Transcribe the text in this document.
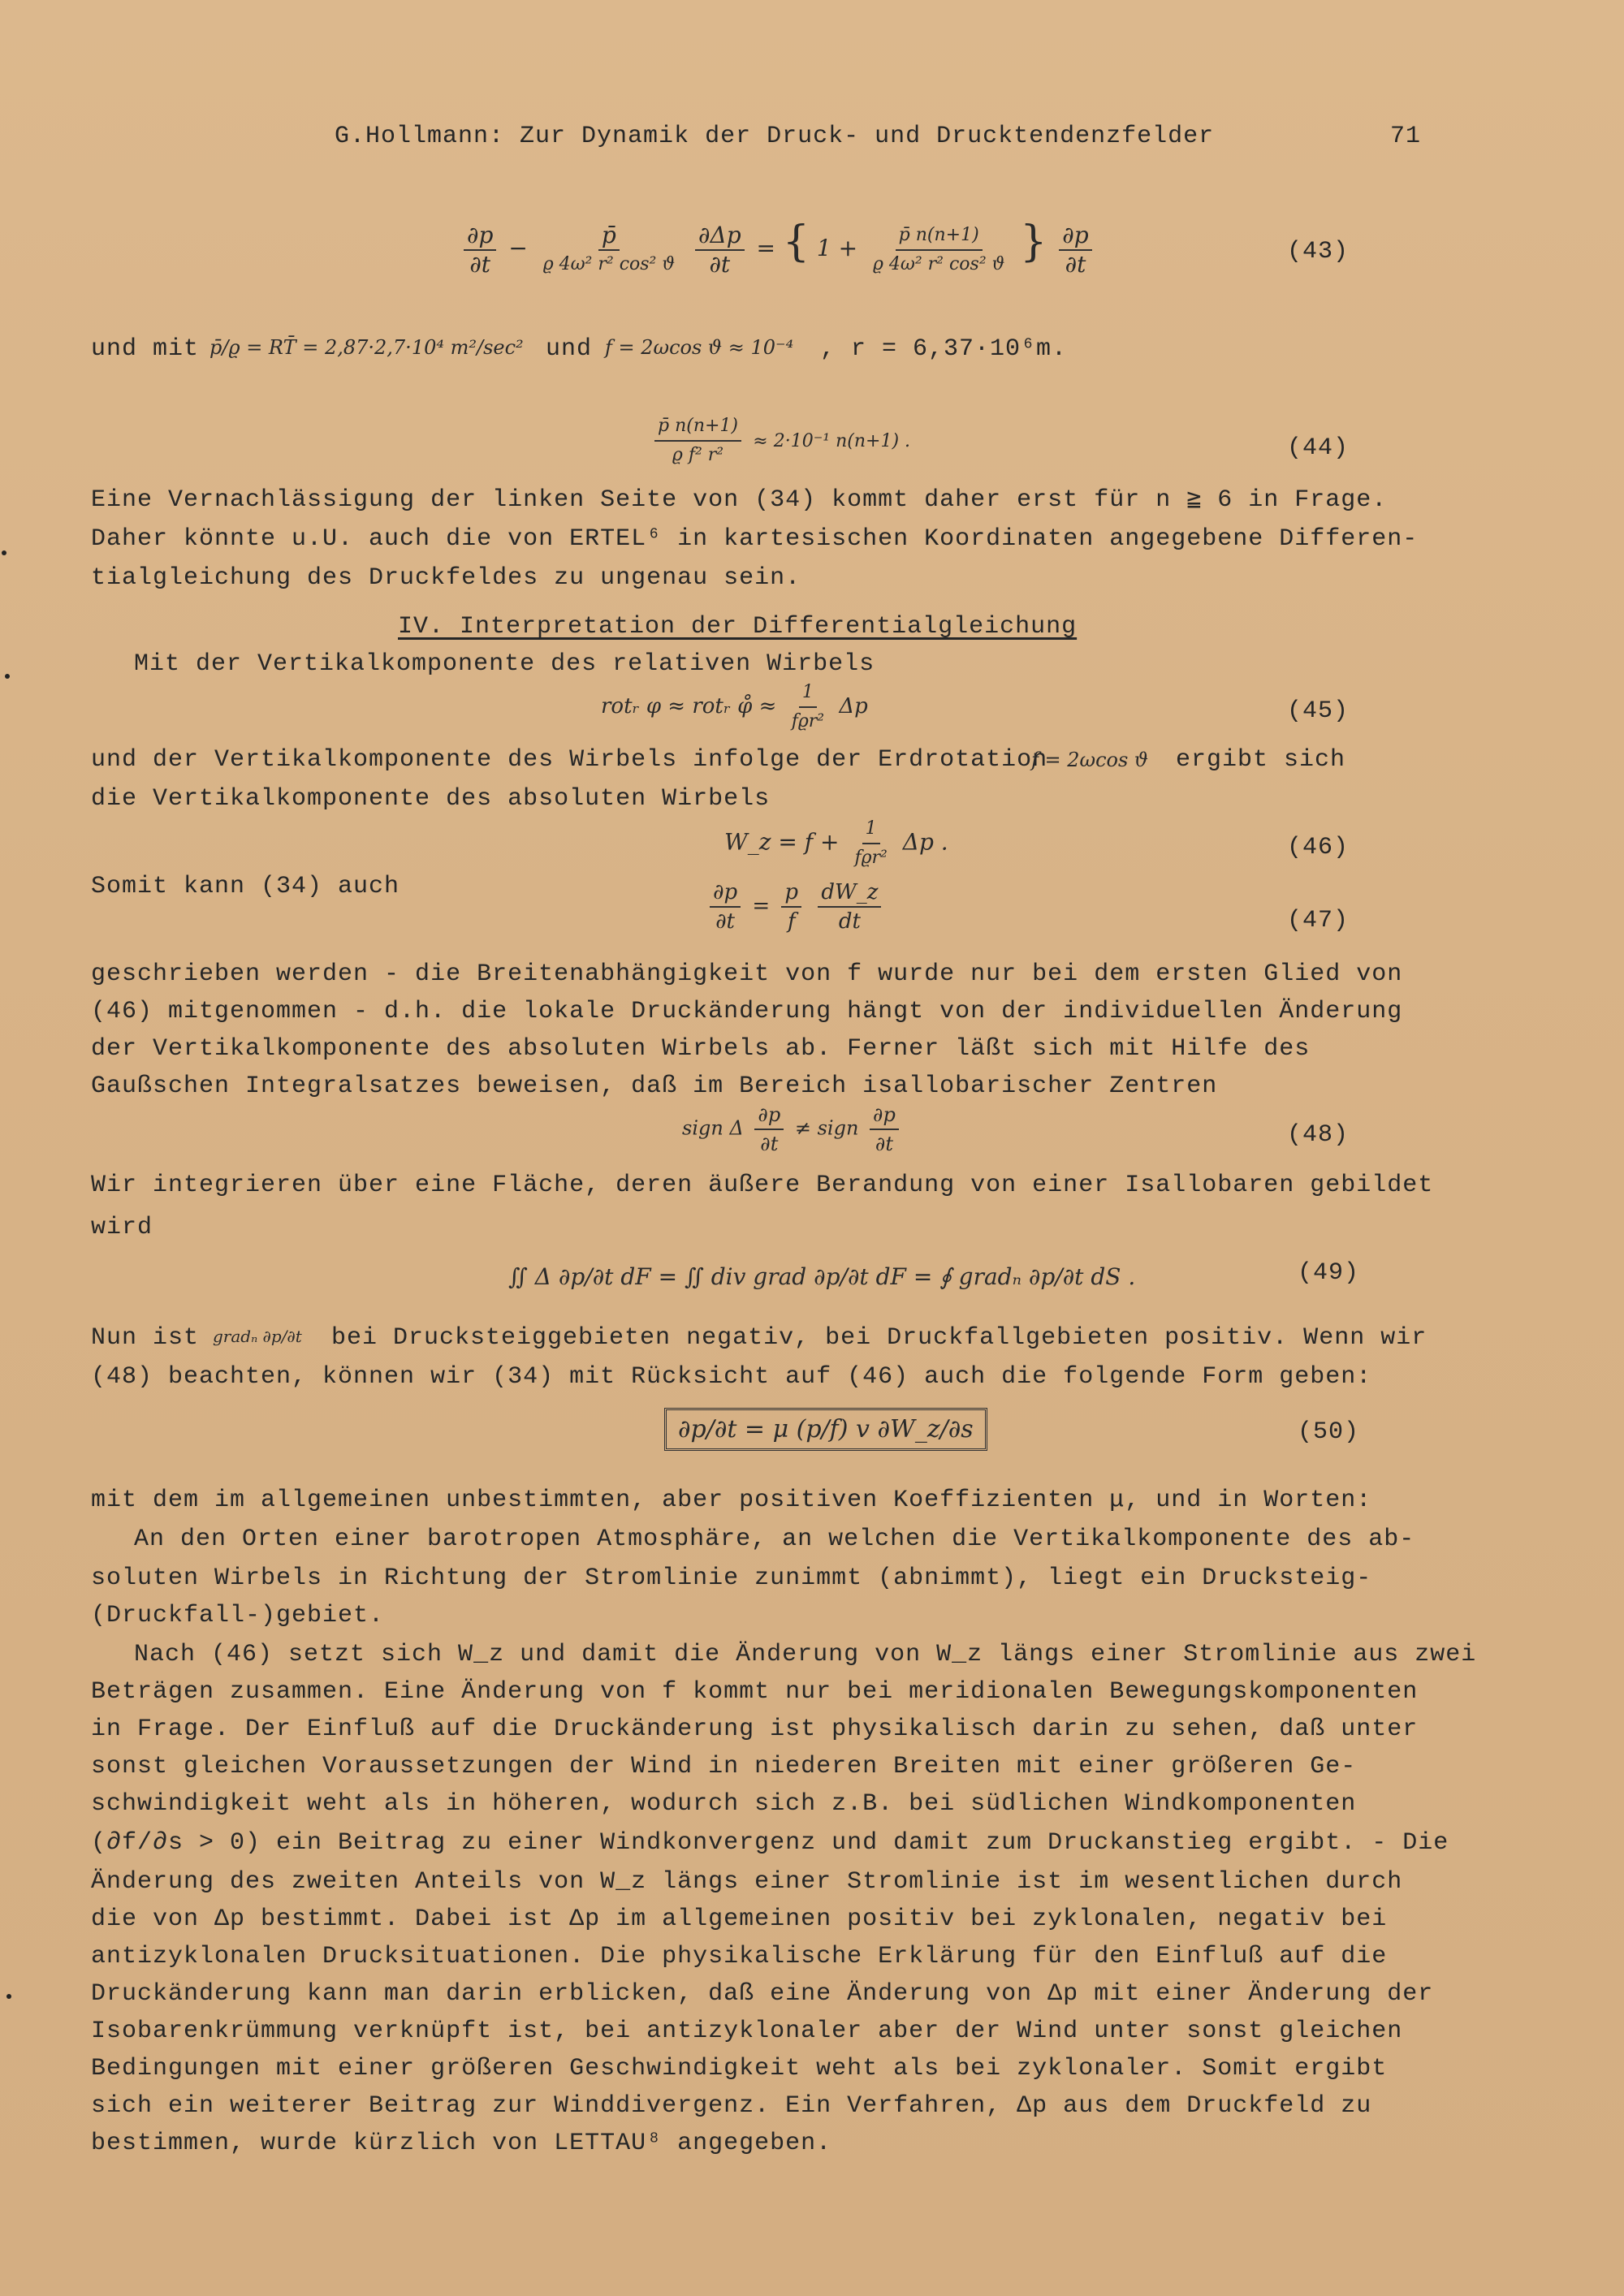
G.Hollmann: Zur Dynamik der Druck- und Drucktendenzfelder	71
$\frac{\partial p}{\partial t} - \frac{p̄}{\text{ϱ 4ω² r² cos² ϑ}}$
$\frac{\partial\Delta p}{\partial t}$ = { $1 + \frac{p̄ n(n+1)}{\text{ϱ 4ω² r² cos² ϑ}}$ } $\frac{\partial p}{\partial t}$	(43)
und mit p̄/ϱ = RT̄ = 2,87·2,7·10⁴ m²/sec² und f = 2ωcos ϑ ≈ 10⁻⁴ , r = 6,37·10⁶m.
$\frac{p̄ n(n+1)}{\text{ϱ f² r²}} \approx 2\cdot 10^{-1}$ n(n+1) .	(44)
Eine Vernachlässigung der linken Seite von (34) kommt daher erst für n ≧ 6 in Frage.
Daher könnte u.U. auch die von ERTEL⁶ in kartesischen Koordinaten angegebene Differen-
tialgleichung des Druckfeldes zu ungenau sein.
IV. Interpretation der Differentialgleichung
Mit der Vertikalkomponente des relativen Wirbels
rotᵣ φ ≈ rotᵣ φ̊ ≈ $\frac{1}{\text{fϱr²}}$ Δp	(45)
und der Vertikalkomponente des Wirbels infolge der Erdrotation
f = 2ωcos ϑ ergibt sich
die Vertikalkomponente des absoluten Wirbels
W_z = $f + \frac{1}{\text{fϱr²}}$ Δp .	(46)
Somit kann (34) auch	$\frac{\partial p}{\partial t} = \frac{p}{f}$
$\frac{dW\_z}{dt}$	(47)
geschrieben werden - die Breitenabhängigkeit von f wurde nur bei dem ersten Glied von
(46) mitgenommen - d.h. die lokale Druckänderung hängt von der individuellen Änderung
der Vertikalkomponente des absoluten Wirbels ab. Ferner läßt sich mit Hilfe des
Gaußschen Integralsatzes beweisen, daß im Bereich isallobarischer Zentren
sign Δ $\frac{\partial p}{\partial t}$ ≠ sign $\frac{\partial p}{\partial t}$	(48)
Wir integrieren über eine Fläche, deren äußere Berandung von einer Isallobaren gebildet
wird
∬ Δ ∂p/∂t dF = ∬ div grad ∂p/∂t dF = ∮ gradₙ ∂p/∂t dS .	(49)
Nun ist gradₙ ∂p/∂t bei Drucksteiggebieten negativ, bei Druckfallgebieten positiv. Wenn wir
(48) beachten, können wir (34) mit Rücksicht auf (46) auch die folgende Form geben:
∂p/∂t = μ (p/f) v ∂W_z/∂s	(50)
mit dem im allgemeinen unbestimmten, aber positiven Koeffizienten μ, und in Worten:
An den Orten einer barotropen Atmosphäre, an welchen die Vertikalkomponente des ab-
soluten Wirbels in Richtung der Stromlinie zunimmt (abnimmt), liegt ein Drucksteig-
(Druckfall-)gebiet.
Nach (46) setzt sich W_z und damit die Änderung von W_z längs einer Stromlinie aus zwei
Beträgen zusammen. Eine Änderung von f kommt nur bei meridionalen Bewegungskomponenten
in Frage. Der Einfluß auf die Druckänderung ist physikalisch darin zu sehen, daß unter
sonst gleichen Voraussetzungen der Wind in niederen Breiten mit einer größeren Ge-
schwindigkeit weht als in höheren, wodurch sich z.B. bei südlichen Windkomponenten
(∂f/∂s > 0) ein Beitrag zu einer Windkonvergenz und damit zum Druckanstieg ergibt. - Die
Änderung des zweiten Anteils von W_z längs einer Stromlinie ist im wesentlichen durch
die von Δp bestimmt. Dabei ist Δp im allgemeinen positiv bei zyklonalen, negativ bei
antizyklonalen Drucksituationen. Die physikalische Erklärung für den Einfluß auf die
Druckänderung kann man darin erblicken, daß eine Änderung von Δp mit einer Änderung der
Isobarenkrümmung verknüpft ist, bei antizyklonaler aber der Wind unter sonst gleichen
Bedingungen mit einer größeren Geschwindigkeit weht als bei zyklonaler. Somit ergibt
sich ein weiterer Beitrag zur Winddivergenz. Ein Verfahren, Δp aus dem Druckfeld zu
bestimmen, wurde kürzlich von LETTAU⁸ angegeben.
